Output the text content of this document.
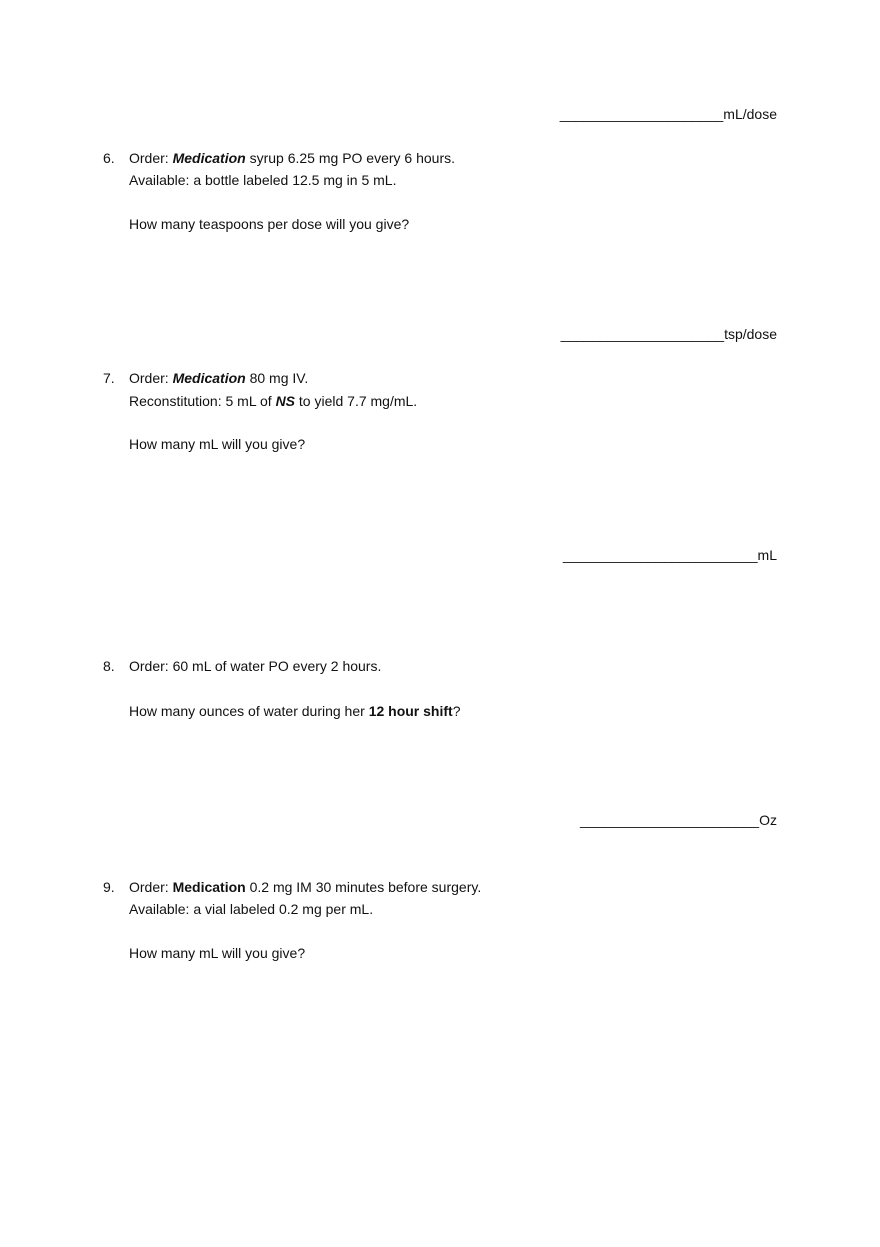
_____________________mL/dose
6. Order: Medication syrup 6.25 mg PO every 6 hours.
Available: a bottle labeled 12.5 mg in 5 mL.
How many teaspoons per dose will you give?
_____________________tsp/dose
7. Order: Medication 80 mg IV.
Reconstitution: 5 mL of NS to yield 7.7 mg/mL.
How many mL will you give?
_________________________mL
8. Order: 60 mL of water PO every 2 hours.
How many ounces of water during her 12 hour shift?
_______________________Oz
9. Order: Medication 0.2 mg IM 30 minutes before surgery.
Available: a vial labeled 0.2 mg per mL.
How many mL will you give?
